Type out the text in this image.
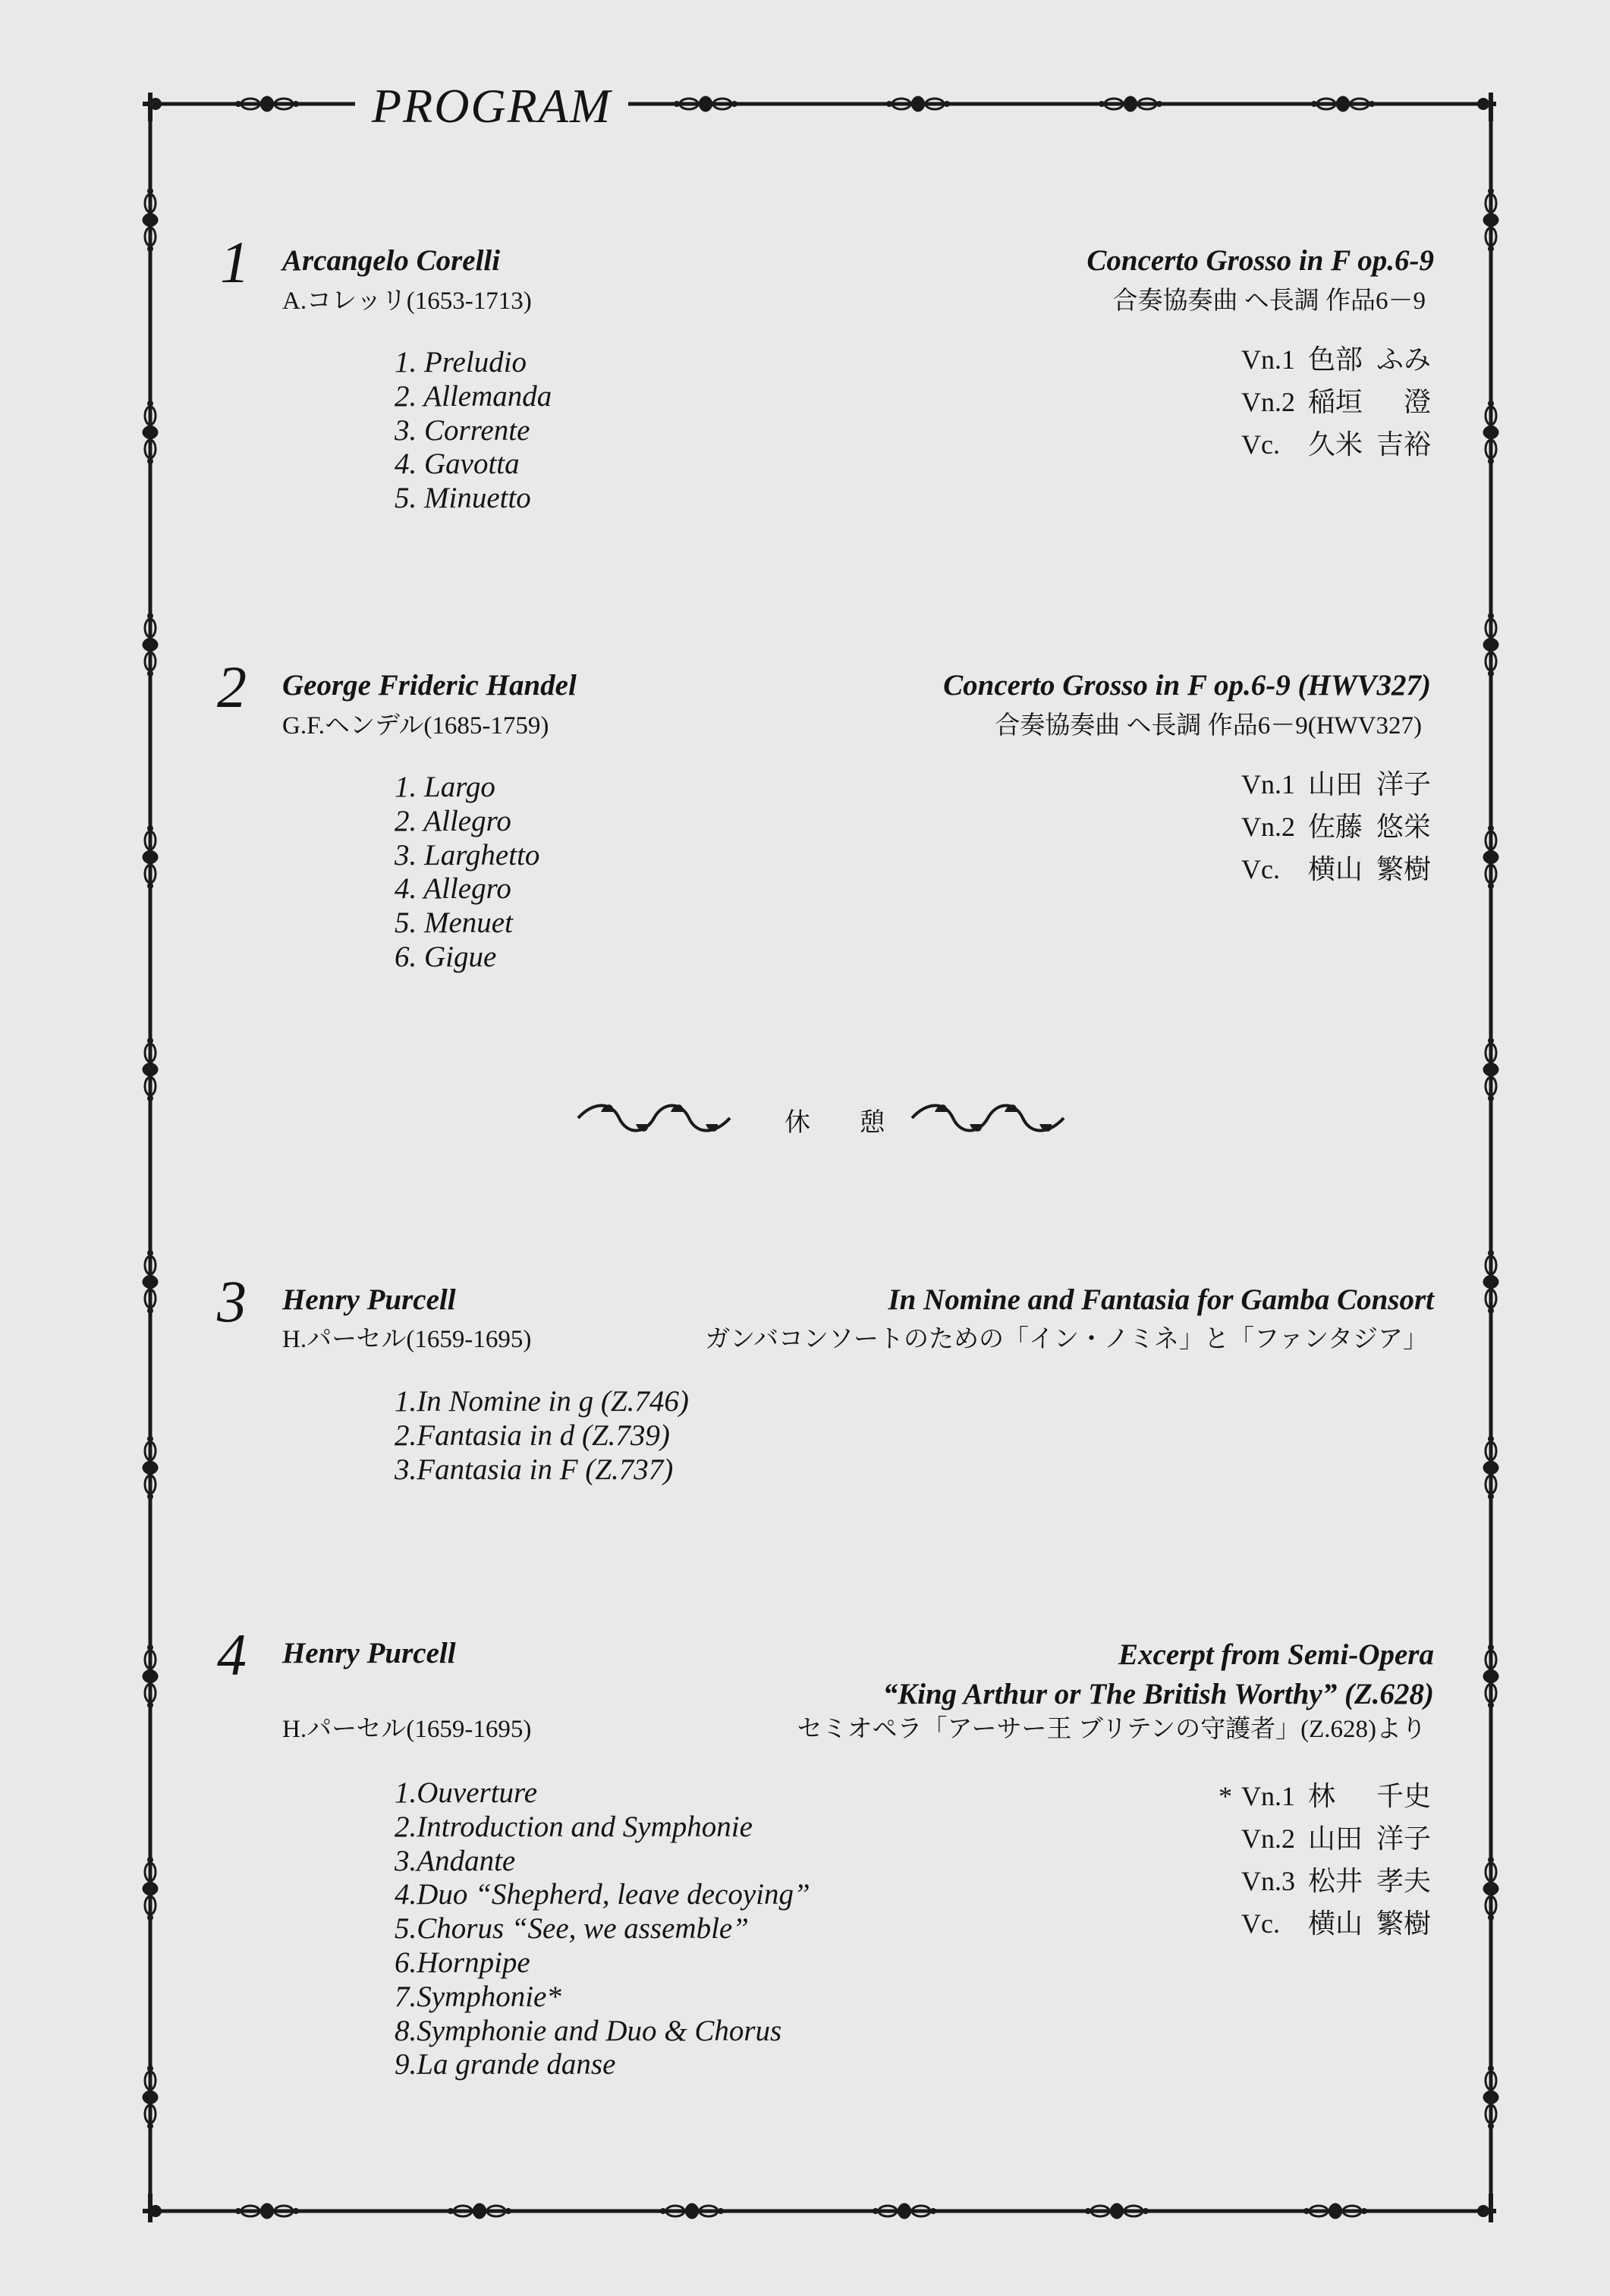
PROGRAM
休 憩
1 Arcangelo Corelli
A.コレッリ(1653-1713)
Concerto Grosso in F op.6-9
合奏協奏曲 ヘ長調 作品6－9
1. Preludio
2. Allemanda
3. Corrente
4. Gavotta
5. Minuetto
Vn.1 色部 ふみ
Vn.2 稲垣 澄
Vc.	久米 吉裕
2 George Frideric Handel
G.F.ヘンデル(1685-1759)
Concerto Grosso in F op.6-9 (HWV327)
合奏協奏曲 ヘ長調 作品6－9(HWV327)
1. Largo
2. Allegro
3. Larghetto
4. Allegro
5. Menuet
6. Gigue
Vn.1 山田 洋子
Vn.2 佐藤 悠栄
Vc.	横山 繁樹
3 Henry Purcell
H.パーセル(1659-1695)
In Nomine and Fantasia for Gamba Consort
ガンバコンソートのための「イン・ノミネ」と「ファンタジア」
1.In Nomine in g (Z.746)
2.Fantasia in d (Z.739)
3.Fantasia in F (Z.737)
4 Henry Purcell
H.パーセル(1659-1695)
Excerpt from Semi-Opera
“King Arthur or The British Worthy” (Z.628)
セミオペラ「アーサー王 ブリテンの守護者」(Z.628)より
1.Ouverture
2.Introduction and Symphonie
3.Andante
4.Duo “Shepherd, leave decoying”
5.Chorus “See, we assemble”
6.Hornpipe
7.Symphonie*
8.Symphonie and Duo & Chorus
9.La grande danse
* Vn.1 林 千史
Vn.2 山田 洋子
Vn.3 松井 孝夫
Vc.	横山 繁樹
